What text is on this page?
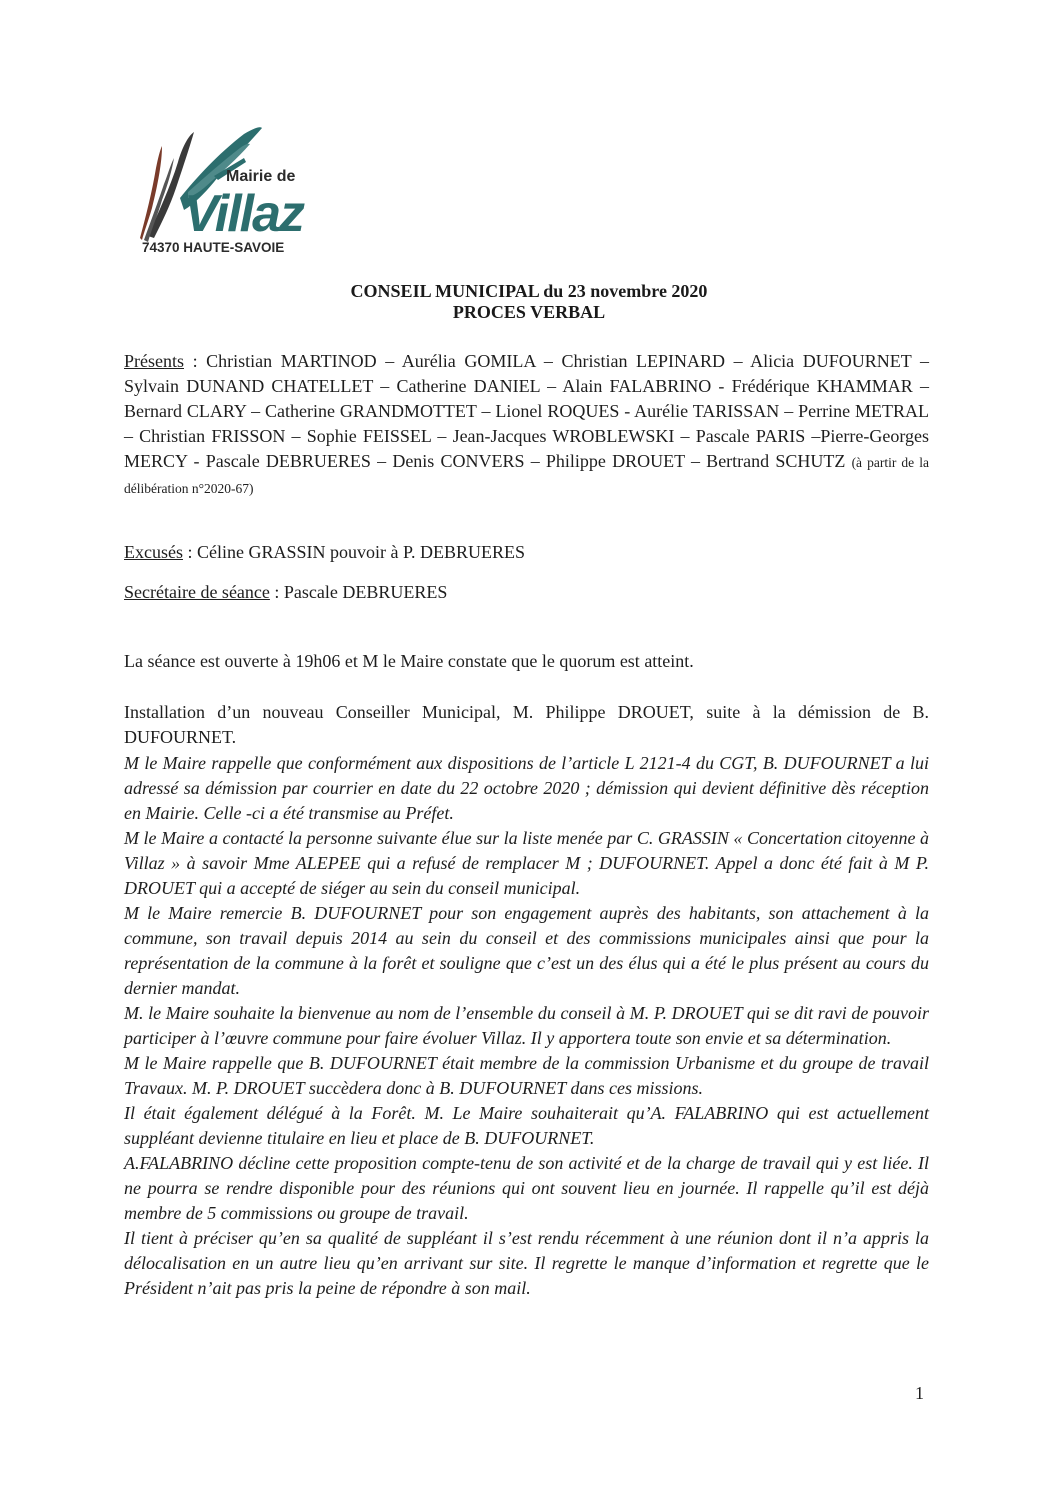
Mairie de
Villaz
74370 HAUTE-SAVOIE
CONSEIL MUNICIPAL du 23 novembre 2020
PROCES VERBAL
Présents : Christian MARTINOD – Aurélia GOMILA – Christian LEPINARD – Alicia DUFOURNET – Sylvain DUNAND CHATELLET – Catherine DANIEL – Alain FALABRINO - Frédérique KHAMMAR – Bernard CLARY – Catherine GRANDMOTTET – Lionel ROQUES - Aurélie TARISSAN – Perrine METRAL – Christian FRISSON – Sophie FEISSEL – Jean-Jacques WROBLEWSKI – Pascale PARIS –Pierre-Georges MERCY - Pascale DEBRUERES – Denis CONVERS – Philippe DROUET – Bertrand SCHUTZ (à partir de la délibération n°2020-67)
Excusés : Céline GRASSIN pouvoir à P. DEBRUERES
Secrétaire de séance : Pascale DEBRUERES
La séance est ouverte à 19h06 et M le Maire constate que le quorum est atteint.
Installation d’un nouveau Conseiller Municipal, M. Philippe DROUET, suite à la démission de B. DUFOURNET.

M le Maire rappelle que conformément aux dispositions de l’article L 2121-4 du CGT, B. DUFOURNET a lui adressé sa démission par courrier en date du 22 octobre 2020 ; démission qui devient définitive dès réception en Mairie. Celle -ci a été transmise au Préfet.

M le Maire a contacté la personne suivante élue sur la liste menée par C. GRASSIN « Concertation citoyenne à Villaz » à savoir Mme ALEPEE qui a refusé de remplacer M ; DUFOURNET. Appel a donc été fait à M P. DROUET qui a accepté de siéger au sein du conseil municipal.

M le Maire remercie B. DUFOURNET pour son engagement auprès des habitants, son attachement à la commune, son travail depuis 2014 au sein du conseil et des commissions municipales ainsi que pour la représentation de la commune à la forêt et souligne que c’est un des élus qui a été le plus présent au cours du dernier mandat.

M. le Maire souhaite la bienvenue au nom de l’ensemble du conseil à M. P. DROUET qui se dit ravi de pouvoir participer à l’œuvre commune pour faire évoluer Villaz. Il y apportera toute son envie et sa détermination.

M le Maire rappelle que B. DUFOURNET était membre de la commission Urbanisme et du groupe de travail Travaux. M. P. DROUET succèdera donc à B. DUFOURNET dans ces missions.

Il était également délégué à la Forêt. M. Le Maire souhaiterait qu’A. FALABRINO qui est actuellement suppléant devienne titulaire en lieu et place de B. DUFOURNET.

A.FALABRINO décline cette proposition compte-tenu de son activité et de la charge de travail qui y est liée. Il ne pourra se rendre disponible pour des réunions qui ont souvent lieu en journée. Il rappelle qu’il est déjà membre de 5 commissions ou groupe de travail.

Il tient à préciser qu’en sa qualité de suppléant il s’est rendu récemment à une réunion dont il n’a appris la délocalisation en un autre lieu qu’en arrivant sur site. Il regrette le manque d’information et regrette que le Président n’ait pas pris la peine de répondre à son mail.

1
